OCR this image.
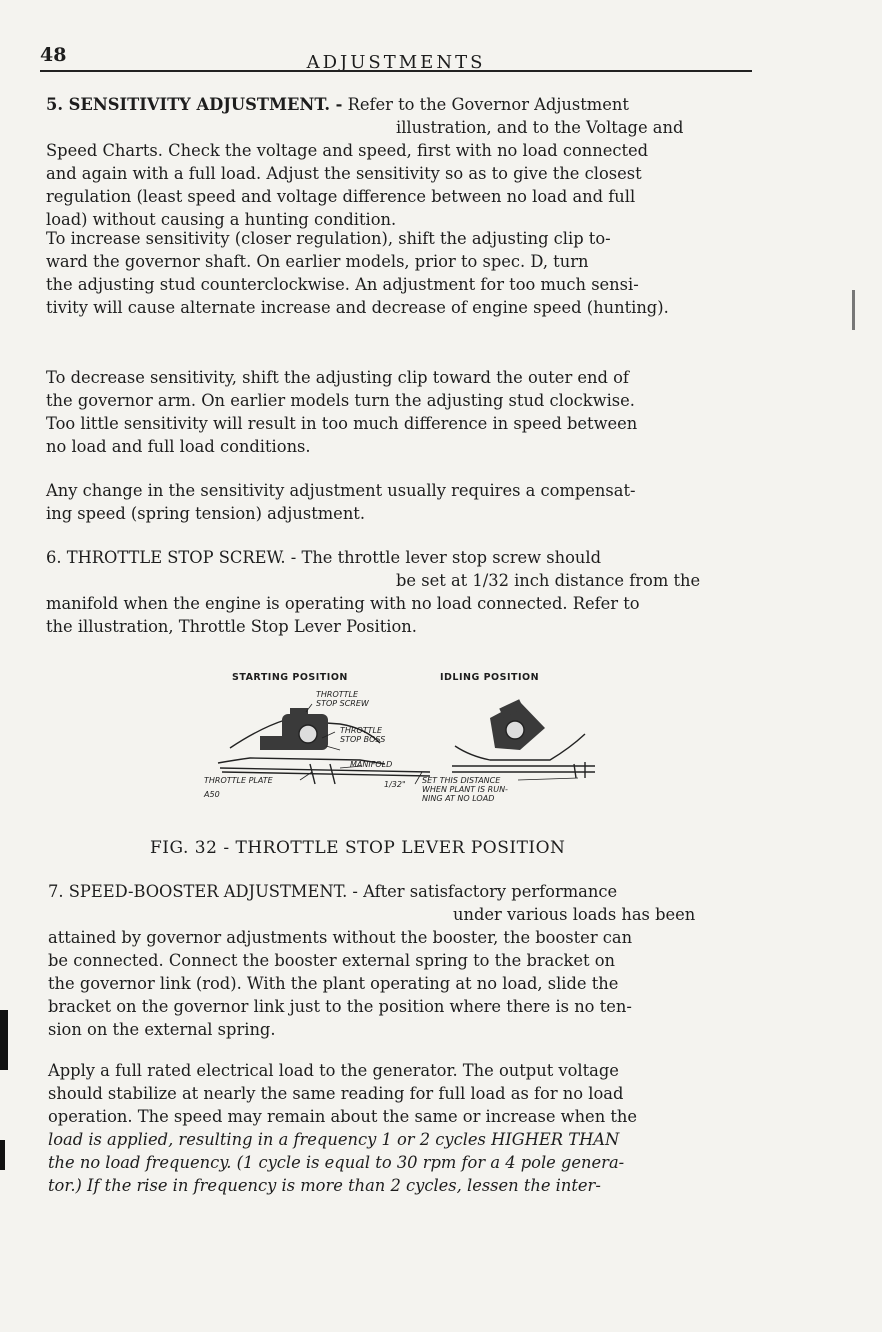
48	ADJUSTMENTS
5. SENSITIVITY ADJUSTMENT. - Refer to the Governor Adjustment
illustration, and to the Voltage and
Speed Charts. Check the voltage and speed, first with no load connected
and again with a full load. Adjust the sensitivity so as to give the closest
regulation (least speed and voltage difference between no load and full
load) without causing a hunting condition.
To increase sensitivity (closer regulation), shift the adjusting clip to-
ward the governor shaft. On earlier models, prior to spec. D, turn
the adjusting stud counterclockwise. An adjustment for too much sensi-
tivity will cause alternate increase and decrease of engine speed (hunting).
To decrease sensitivity, shift the adjusting clip toward the outer end of
the governor arm. On earlier models turn the adjusting stud clockwise.
Too little sensitivity will result in too much difference in speed between
no load and full load conditions.
Any change in the sensitivity adjustment usually requires a compensat-
ing speed (spring tension) adjustment.
6. THROTTLE STOP SCREW. - The throttle lever stop screw should
be set at 1/32 inch distance from the
manifold when the engine is operating with no load connected. Refer to
the illustration, Throttle Stop Lever Position.
STARTING POSITION	IDLING POSITION
THROTTLE
STOP SCREW
THROTTLE
STOP BOSS
MANIFOLD
THROTTLE PLATE
A50
1/32" SET THIS DISTANCE
WHEN PLANT IS RUN-
NING AT NO LOAD
FIG. 32 - THROTTLE STOP LEVER POSITION
7. SPEED-BOOSTER ADJUSTMENT. - After satisfactory performance
under various loads has been
attained by governor adjustments without the booster, the booster can
be connected. Connect the booster external spring to the bracket on
the governor link (rod). With the plant operating at no load, slide the
bracket on the governor link just to the position where there is no ten-
sion on the external spring.
Apply a full rated electrical load to the generator. The output voltage
should stabilize at nearly the same reading for full load as for no load
operation. The speed may remain about the same or increase when the
load is applied, resulting in a frequency 1 or 2 cycles HIGHER THAN
the no load frequency. (1 cycle is equal to 30 rpm for a 4 pole genera-
tor.) If the rise in frequency is more than 2 cycles, lessen the inter-
